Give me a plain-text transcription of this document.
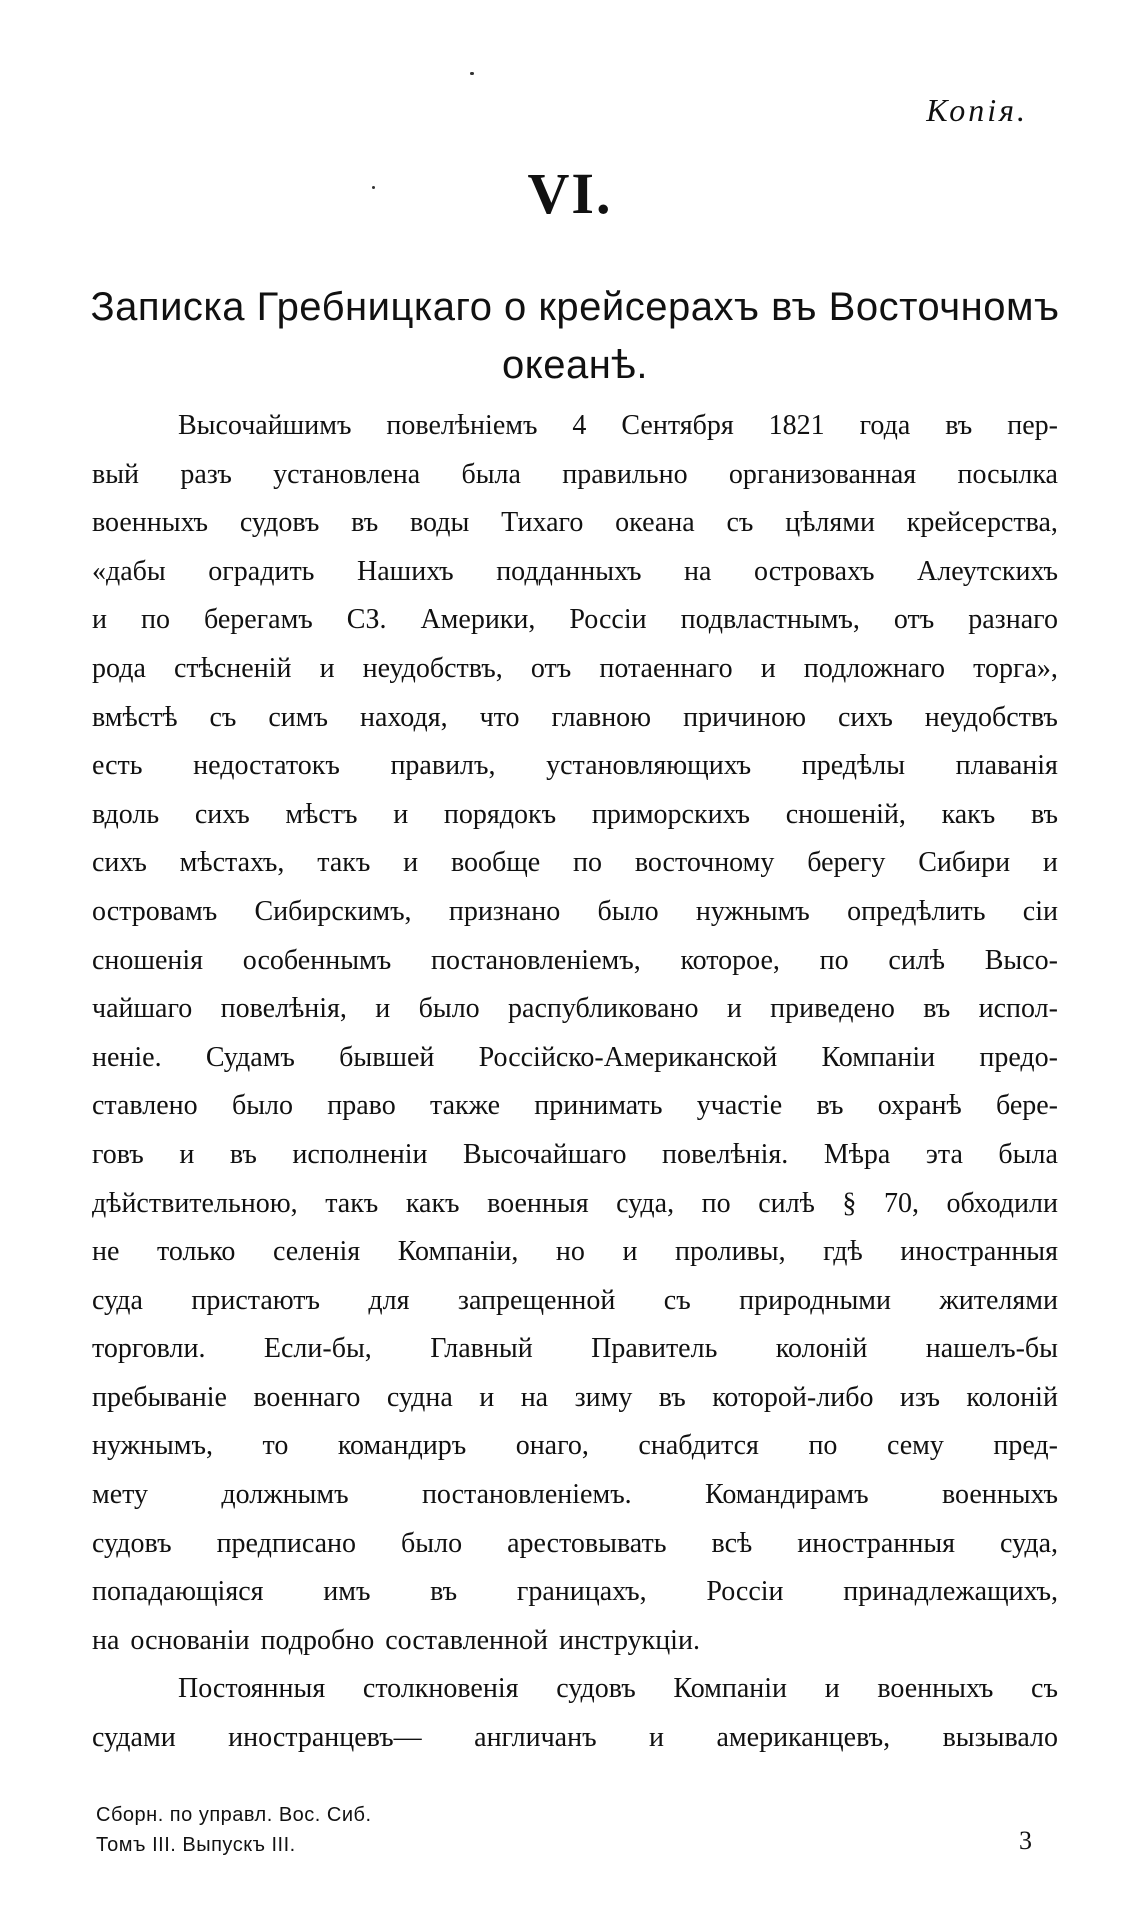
Копія.
VI.
Записка Гребницкаго о крейсерахъ въ Восточномъ
океанѣ.
Высочайшимъ повелѣніемъ 4 Сентября 1821 года въ пер-
вый разъ установлена была правильно организованная посылка
военныхъ судовъ въ воды Тихаго океана съ цѣлями крейсерства,
«дабы оградить Нашихъ подданныхъ на островахъ Алеутскихъ
и по берегамъ СЗ. Америки, Россіи подвластнымъ, отъ разнаго
рода стѣсненій и неудобствъ, отъ потаеннаго и подложнаго торга»,
вмѣстѣ съ симъ находя, что главною причиною сихъ неудобствъ
есть недостатокъ правилъ, установляющихъ предѣлы плаванія
вдоль сихъ мѣстъ и порядокъ приморскихъ сношеній, какъ въ
сихъ мѣстахъ, такъ и вообще по восточному берегу Сибири и
островамъ Сибирскимъ, признано было нужнымъ опредѣлить сіи
сношенія особеннымъ постановленіемъ, которое, по силѣ Высо-
чайшаго повелѣнія, и было распубликовано и приведено въ испол-
неніе. Судамъ бывшей Россійско-Американской Компаніи предо-
ставлено было право также принимать участіе въ охранѣ бере-
говъ и въ исполненіи Высочайшаго повелѣнія. Мѣра эта была
дѣйствительною, такъ какъ военныя суда, по силѣ § 70, обходили
не только селенія Компаніи, но и проливы, гдѣ иностранныя
суда пристаютъ для запрещенной съ природными жителями
торговли. Если-бы, Главный Правитель колоній нашелъ-бы
пребываніе военнаго судна и на зиму въ которой-либо изъ колоній
нужнымъ, то командиръ онаго, снабдится по сему пред-
мету	должнымъ	постановленіемъ.	Командирамъ	военныхъ
судовъ предписано было арестовывать всѣ иностранныя суда,
попадающіяся имъ въ границахъ, Россіи принадлежащихъ,
на основаніи подробно составленной инструкціи.
Постоянныя столкновенія судовъ Компаніи и военныхъ съ
судами иностранцевъ— англичанъ и американцевъ, вызывало
Сборн. по управл. Вос. Сиб.
Томъ III. Выпускъ III.	3
